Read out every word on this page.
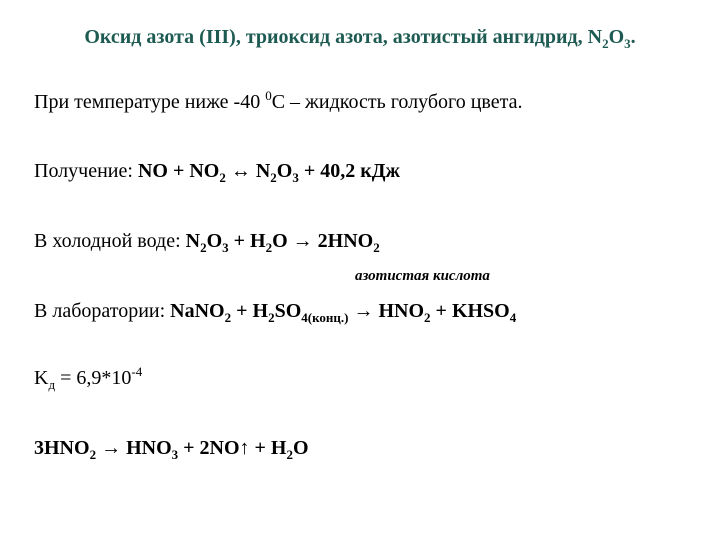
Оксид азота (III), триоксид азота, азотистый ангидрид, $N_2O_3$.
При температуре ниже -40 $^0$С – жидкость голубого цвета.
Получение: NO + $NO_2$ ↔ $N_2O_3 + 40,2$ кДж
В холодной воде: $N_2O_3 + H_2O \to 2HNO_2$
азотистая кислота
В лаборатории: NaNO$_2$ + $H_2SO_{4(конц.)} \to HNO_2$ + $KHSO_4$
$K_д = 6,9*10^{-4}$
$3HNO_2 \to HNO_3$ + 2NO↑ + $H_2O$
